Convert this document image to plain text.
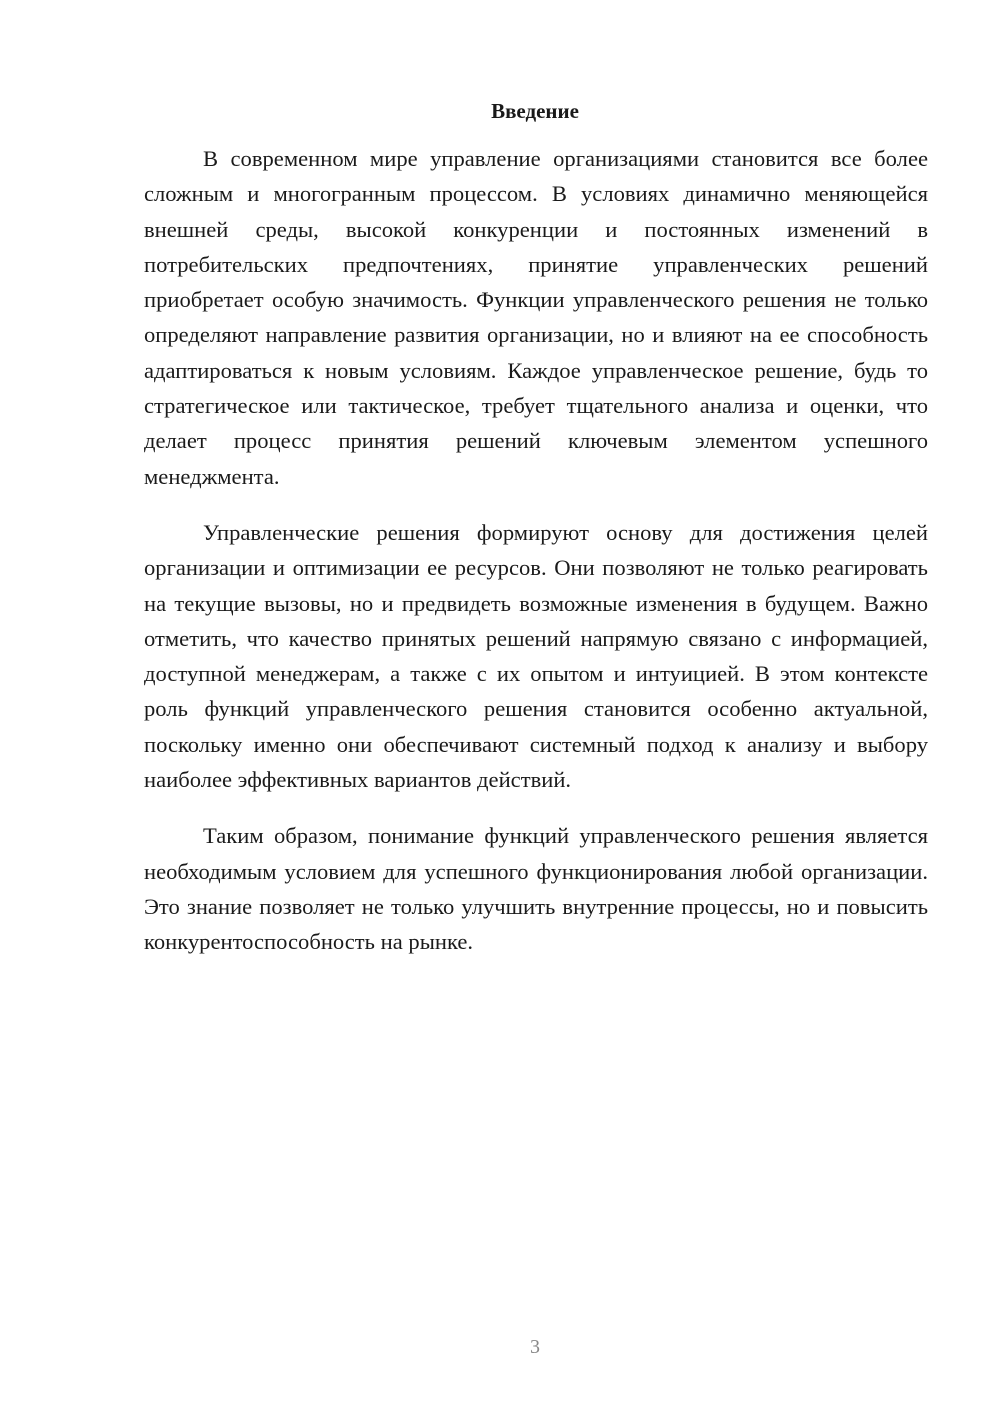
Введение

В современном мире управление организациями становится все более сложным и многогранным процессом. В условиях динамично меняющейся внешней среды, высокой конкуренции и постоянных изменений в потребительских предпочтениях, принятие управленческих решений приобретает особую значимость. Функции управленческого решения не только определяют направление развития организации, но и влияют на ее способность адаптироваться к новым условиям. Каждое управленческое решение, будь то стратегическое или тактическое, требует тщательного анализа и оценки, что делает процесс принятия решений ключевым элементом успешного менеджмента.

Управленческие решения формируют основу для достижения целей организации и оптимизации ее ресурсов. Они позволяют не только реагировать на текущие вызовы, но и предвидеть возможные изменения в будущем. Важно отметить, что качество принятых решений напрямую связано с информацией, доступной менеджерам, а также с их опытом и интуицией. В этом контексте роль функций управленческого решения становится особенно актуальной, поскольку именно они обеспечивают системный подход к анализу и выбору наиболее эффективных вариантов действий.

Таким образом, понимание функций управленческого решения является необходимым условием для успешного функционирования любой организации. Это знание позволяет не только улучшить внутренние процессы, но и повысить конкурентоспособность на рынке.

3
